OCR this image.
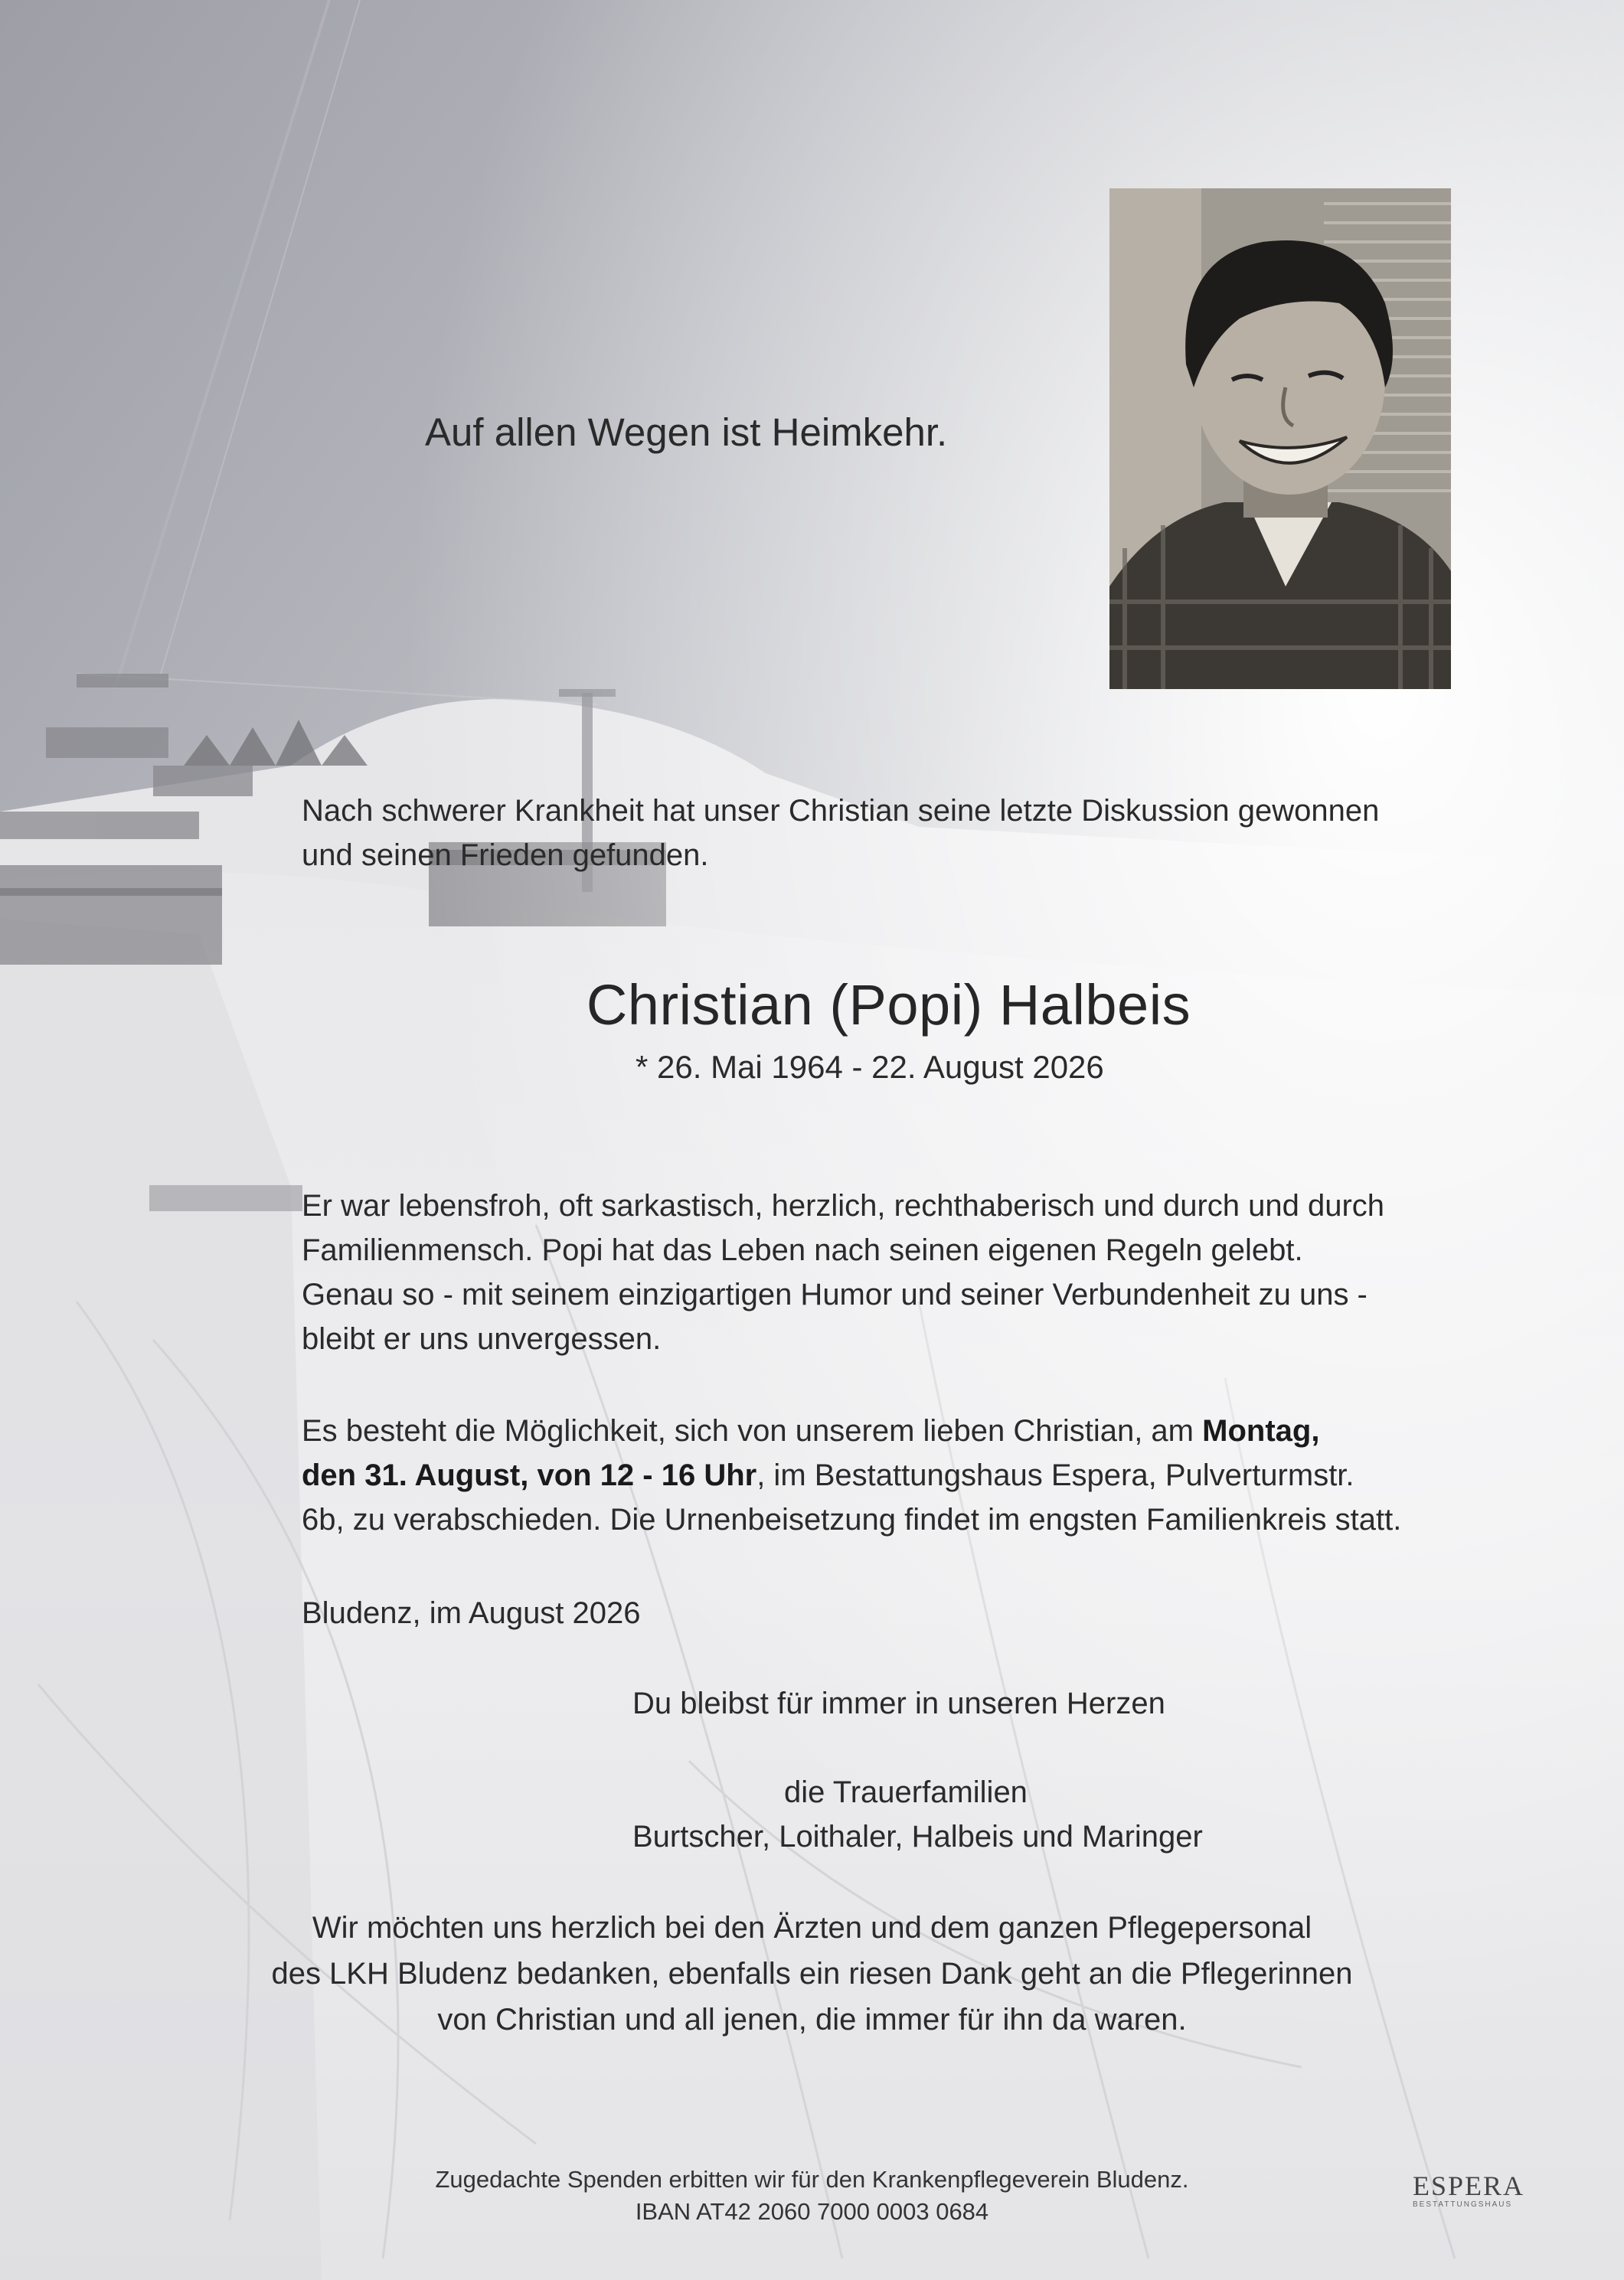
Auf allen Wegen ist Heimkehr.

Nach schwerer Krankheit hat unser Christian seine letzte Diskussion gewonnen
und seinen Frieden gefunden.

Christian (Popi) Halbeis

* 26. Mai 1964 - 22. August 2026

Er war lebensfroh, oft sarkastisch, herzlich, rechthaberisch und durch und durch
Familienmensch. Popi hat das Leben nach seinen eigenen Regeln gelebt.
Genau so - mit seinem einzigartigen Humor und seiner Verbundenheit zu uns -
bleibt er uns unvergessen.
Es besteht die Möglichkeit, sich von unserem lieben Christian, am Montag,
den 31. August, von 12 - 16 Uhr, im Bestattungshaus Espera, Pulverturmstr.
6b, zu verabschieden. Die Urnenbeisetzung findet im engsten Familienkreis statt.

Bludenz, im August 2026

Du bleibst für immer in unseren Herzen

die Trauerfamilien

Burtscher, Loithaler, Halbeis und Maringer

Wir möchten uns herzlich bei den Ärzten und dem ganzen Pflegepersonal
des LKH Bludenz bedanken, ebenfalls ein riesen Dank geht an die Pflegerinnen
von Christian und all jenen, die immer für ihn da waren.
Zugedachte Spenden erbitten wir für den Krankenpflegeverein Bludenz.
IBAN AT42 2060 7000 0003 0684
ESPERA
BESTATTUNGSHAUS
